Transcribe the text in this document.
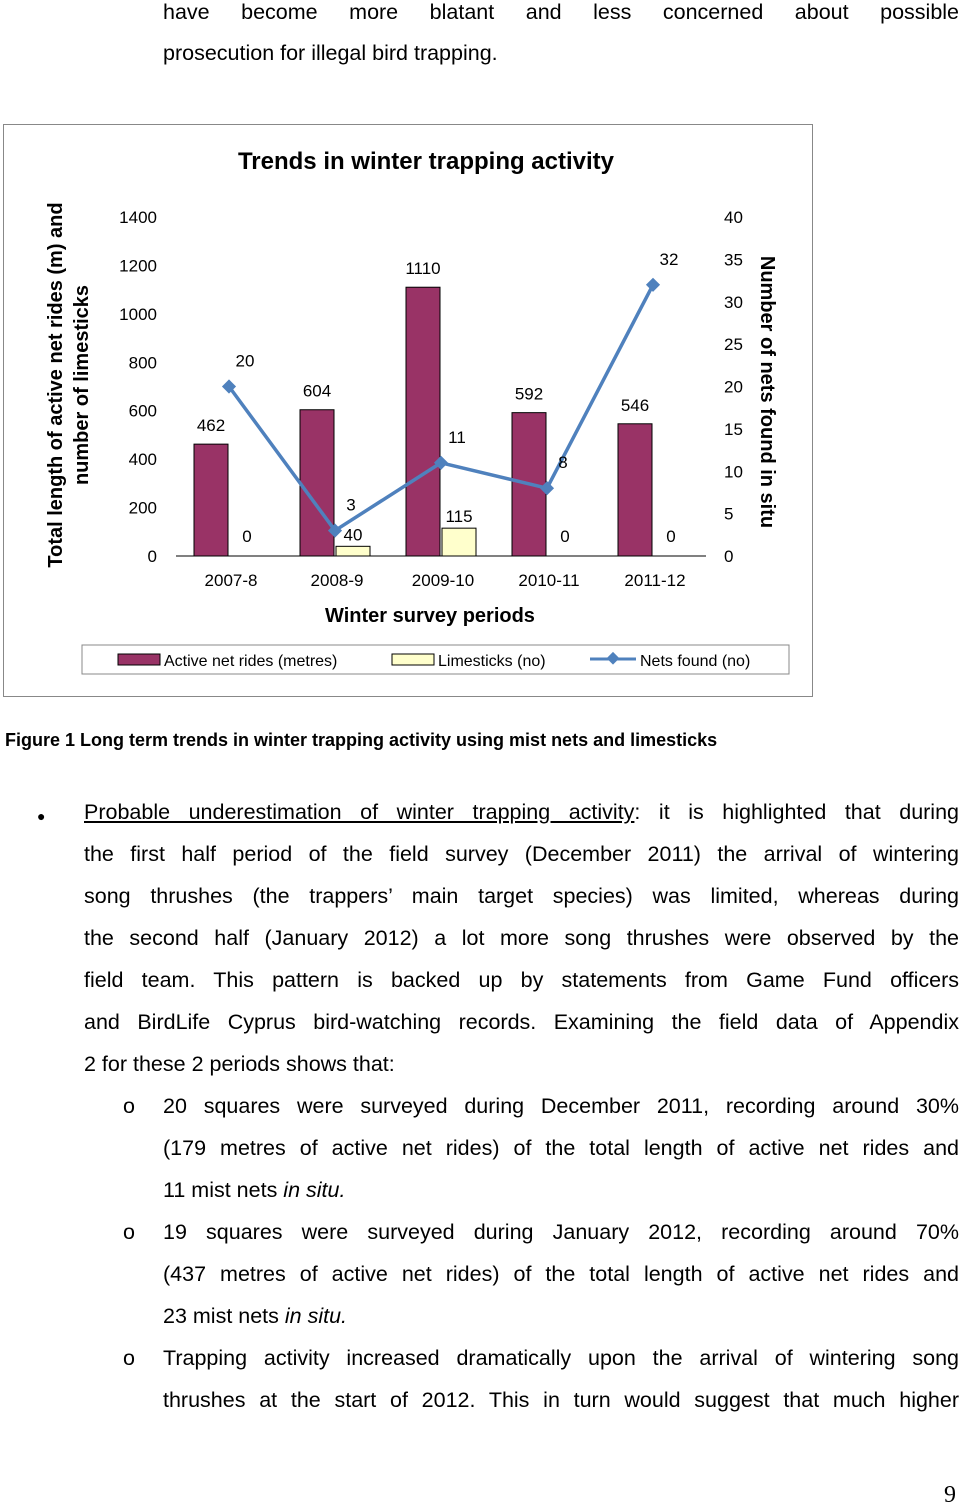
have become more blatant and less concerned about possible
prosecution for illegal bird trapping.
Trends in winter trapping activity
0
200
400
600
800
1000
1200
1400
0
5
10
15
20
25
30
35
40
2007-8	2008-9	2009-10	2010-11	2011-12
462
0
604
40
1110
115
592
0
546
0
20
3
11
8
32
Winter survey periods
Total length of active net rides (m) and number of limesticks	Number of nets found in situ
Active net rides (metres)	Limesticks (no)	Nets found (no)
Figure 1 Long term trends in winter trapping activity using mist nets and limesticks
● Probable underestimation of winter trapping activity: it is highlighted that during
the first half period of the field survey (December 2011) the arrival of wintering
song thrushes (the trappers’ main target species) was limited, whereas during
the second half (January 2012) a lot more song thrushes were observed by the
field team. This pattern is backed up by statements from Game Fund officers
and BirdLife Cyprus bird-watching records. Examining the field data of Appendix
2 for these 2 periods shows that:
o 20 squares were surveyed during December 2011, recording around 30%
(179 metres of active net rides) of the total length of active net rides and
11 mist nets in situ.
o 19 squares were surveyed during January 2012, recording around 70%
(437 metres of active net rides) of the total length of active net rides and
23 mist nets in situ.
o Trapping activity increased dramatically upon the arrival of wintering song
thrushes at the start of 2012. This in turn would suggest that much higher
9
